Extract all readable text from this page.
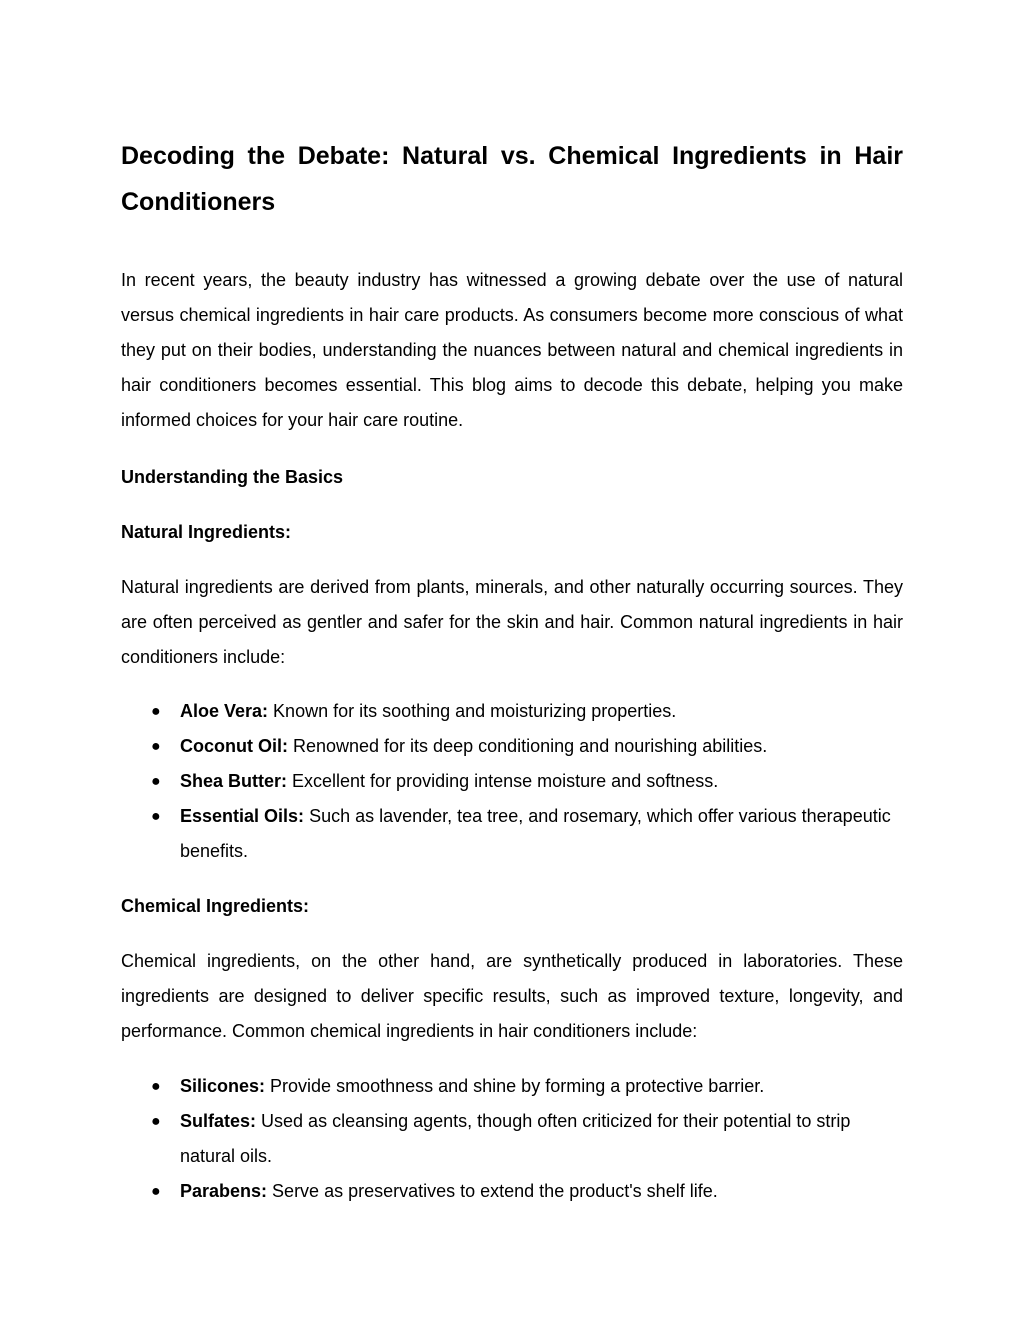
Decoding the Debate: Natural vs. Chemical Ingredients in Hair Conditioners

In recent years, the beauty industry has witnessed a growing debate over the use of natural versus chemical ingredients in hair care products. As consumers become more conscious of what they put on their bodies, understanding the nuances between natural and chemical ingredients in hair conditioners becomes essential. This blog aims to decode this debate, helping you make informed choices for your hair care routine.

Understanding the Basics
Natural Ingredients:

Natural ingredients are derived from plants, minerals, and other naturally occurring sources. They are often perceived as gentler and safer for the skin and hair. Common natural ingredients in hair conditioners include:

● Aloe Vera: Known for its soothing and moisturizing properties.
● Coconut Oil: Renowned for its deep conditioning and nourishing abilities.
● Shea Butter: Excellent for providing intense moisture and softness.
● Essential Oils: Such as lavender, tea tree, and rosemary, which offer various therapeutic benefits.
Chemical Ingredients:

Chemical ingredients, on the other hand, are synthetically produced in laboratories. These ingredients are designed to deliver specific results, such as improved texture, longevity, and performance. Common chemical ingredients in hair conditioners include:

● Silicones: Provide smoothness and shine by forming a protective barrier.
● Sulfates: Used as cleansing agents, though often criticized for their potential to strip natural oils.
● Parabens: Serve as preservatives to extend the product's shelf life.
